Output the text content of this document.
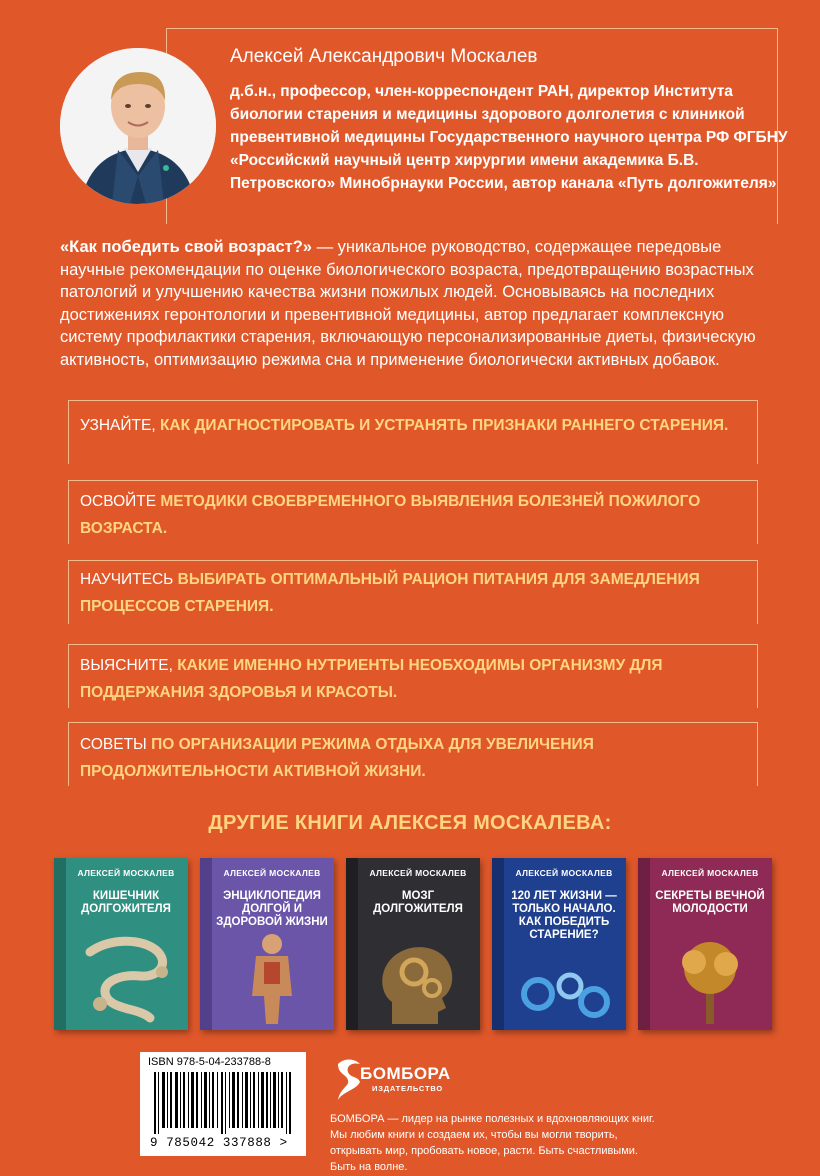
Алексей Александрович Москалев
д.б.н., профессор, член-корреспондент РАН, директор Института биологии старения и медицины здорового долголетия с клиникой превентивной медицины Государственного научного центра РФ ФГБНУ «Российский научный центр хирургии имени академика Б.В. Петровского» Минобрнауки России, автор канала «Путь долгожителя»

«Как победить свой возраст?» — уникальное руководство, содержащее передовые научные рекомендации по оценке биологического возраста, предотвращению возрастных патологий и улучшению качества жизни пожилых людей. Основываясь на последних достижениях геронтологии и превентивной медицины, автор предлагает комплексную систему профилактики старения, включающую персонализированные диеты, физическую активность, оптимизацию режима сна и применение биологически активных добавок.

УЗНАЙТЕ, КАК ДИАГНОСТИРОВАТЬ И УСТРАНЯТЬ ПРИЗНАКИ РАННЕГО СТАРЕНИЯ.
ОСВОЙТЕ МЕТОДИКИ СВОЕВРЕМЕННОГО ВЫЯВЛЕНИЯ БОЛЕЗНЕЙ ПОЖИЛОГО ВОЗРАСТА.
НАУЧИТЕСЬ ВЫБИРАТЬ ОПТИМАЛЬНЫЙ РАЦИОН ПИТАНИЯ ДЛЯ ЗАМЕДЛЕНИЯ ПРОЦЕССОВ СТАРЕНИЯ.
ВЫЯСНИТЕ, КАКИЕ ИМЕННО НУТРИЕНТЫ НЕОБХОДИМЫ ОРГАНИЗМУ ДЛЯ ПОДДЕРЖАНИЯ ЗДОРОВЬЯ И КРАСОТЫ.
СОВЕТЫ ПО ОРГАНИЗАЦИИ РЕЖИМА ОТДЫХА ДЛЯ УВЕЛИЧЕНИЯ ПРОДОЛЖИТЕЛЬНОСТИ АКТИВНОЙ ЖИЗНИ.
ДРУГИЕ КНИГИ АЛЕКСЕЯ МОСКАЛЕВА:
АЛЕКСЕЙ МОСКАЛЕВ
КИШЕЧНИК ДОЛГОЖИТЕЛЯ
АЛЕКСЕЙ МОСКАЛЕВ
ЭНЦИКЛОПЕДИЯ ДОЛГОЙ И ЗДОРОВОЙ ЖИЗНИ
АЛЕКСЕЙ МОСКАЛЕВ
МОЗГ ДОЛГОЖИТЕЛЯ
АЛЕКСЕЙ МОСКАЛЕВ
120 ЛЕТ ЖИЗНИ — ТОЛЬКО НАЧАЛО. КАК ПОБЕДИТЬ СТАРЕНИЕ?
АЛЕКСЕЙ МОСКАЛЕВ
СЕКРЕТЫ ВЕЧНОЙ МОЛОДОСТИ
ISBN 978-5-04-233788-8
9 785042 337888 >
БОМБОРА
ИЗДАТЕЛЬСТВО
БОМБОРА — лидер на рынке полезных и вдохновляющих книг. Мы любим книги и создаем их, чтобы вы могли творить, открывать мир, пробовать новое, расти. Быть счастливыми. Быть на волне.
